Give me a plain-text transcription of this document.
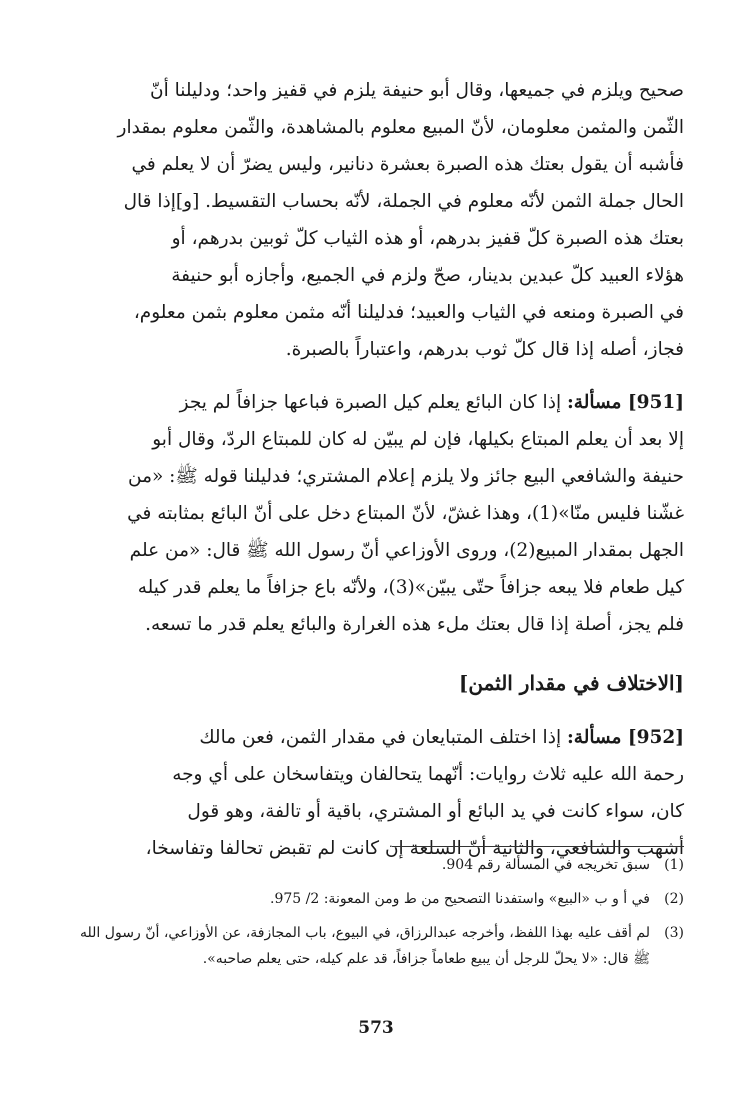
صحيح ويلزم في جميعها، وقال أبو حنيفة يلزم في قفيز واحد؛ ودليلنا أنّ

الثّمن والمثمن معلومان، لأنّ المبيع معلوم بالمشاهدة، والثّمن معلوم بمقدار

فأشبه أن يقول بعتك هذه الصبرة بعشرة دنانير، وليس يضرّ أن لا يعلم في

الحال جملة الثمن لأنّه معلوم في الجملة، لأنّه بحساب التقسيط. [و]إذا قال

بعتك هذه الصبرة كلّ قفيز بدرهم، أو هذه الثياب كلّ ثوبين بدرهم، أو

هؤلاء العبيد كلّ عبدين بدينار، صحّ ولزم في الجميع، وأجازه أبو حنيفة

في الصبرة ومنعه في الثياب والعبيد؛ فدليلنا أنّه مثمن معلوم بثمن معلوم،

فجاز، أصله إذا قال كلّ ثوب بدرهم، واعتباراً بالصبرة.

[951] مسألة: إذا كان البائع يعلم كيل الصبرة فباعها جزافاً لم يجز

إلا بعد أن يعلم المبتاع بكيلها، فإن لم يبيّن له كان للمبتاع الردّ، وقال أبو

حنيفة والشافعي البيع جائز ولا يلزم إعلام المشتري؛ فدليلنا قوله ﷺ: «من

غشّنا فليس منّا»(1)، وهذا غشّ، لأنّ المبتاع دخل على أنّ البائع بمثابته في

الجهل بمقدار المبيع(2)، وروى الأوزاعي أنّ رسول الله ﷺ قال: «من علم

كيل طعام فلا يبعه جزافاً حتّى يبيّن»(3)، ولأنّه باع جزافاً ما يعلم قدر كيله

فلم يجز، أصلة إذا قال بعتك ملء هذه الغرارة والبائع يعلم قدر ما تسعه.

[الاختلاف في مقدار الثمن]

[952] مسألة: إذا اختلف المتبايعان في مقدار الثمن، فعن مالك

رحمة الله عليه ثلاث روايات: أنّهما يتحالفان ويتفاسخان على أي وجه

كان، سواء كانت في يد البائع أو المشتري، باقية أو تالفة، وهو قول

أشهب والشافعي، والثانية أنّ السلعة إن كانت لم تقبض تحالفا وتفاسخا،

(1)
سبق تخريجه في المسألة رقم 904.
(2)
في أ و ب «البيع» واستفدنا التصحيح من ط ومن المعونة: 2/ 975.
(3)
لم أقف عليه بهذا اللفظ، وأخرجه عبدالرزاق، في البيوع، باب المجازفة، عن الأوزاعي، أنّ رسول الله ﷺ قال: «لا يحلّ للرجل أن يبيع طعاماً جزافاً، قد علم كيله، حتى يعلم صاحبه».
573
